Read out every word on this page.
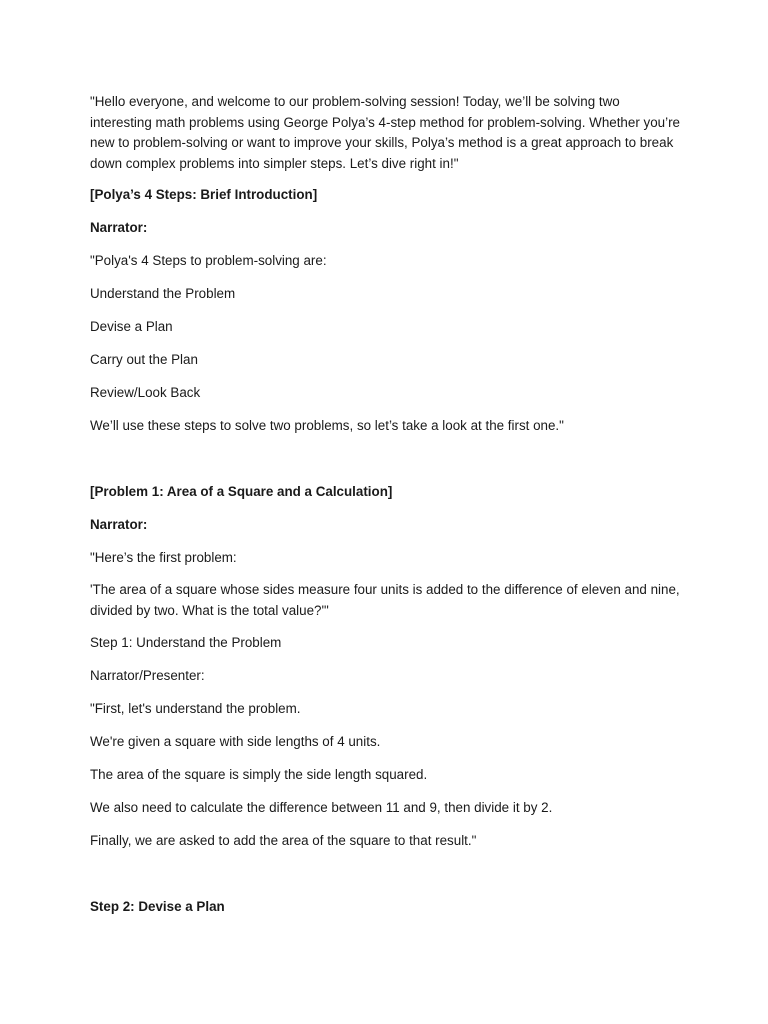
"Hello everyone, and welcome to our problem-solving session! Today, we’ll be solving two interesting math problems using George Polya’s 4-step method for problem-solving. Whether you’re new to problem-solving or want to improve your skills, Polya’s method is a great approach to break down complex problems into simpler steps. Let’s dive right in!"

[Polya’s 4 Steps: Brief Introduction]

Narrator:

"Polya's 4 Steps to problem-solving are:

Understand the Problem

Devise a Plan

Carry out the Plan

Review/Look Back

We’ll use these steps to solve two problems, so let’s take a look at the first one."

[Problem 1: Area of a Square and a Calculation]

Narrator:

"Here’s the first problem:

'The area of a square whose sides measure four units is added to the difference of eleven and nine, divided by two. What is the total value?'"

Step 1: Understand the Problem

Narrator/Presenter:

"First, let's understand the problem.

We're given a square with side lengths of 4 units.

The area of the square is simply the side length squared.

We also need to calculate the difference between 11 and 9, then divide it by 2.

Finally, we are asked to add the area of the square to that result."

Step 2: Devise a Plan
